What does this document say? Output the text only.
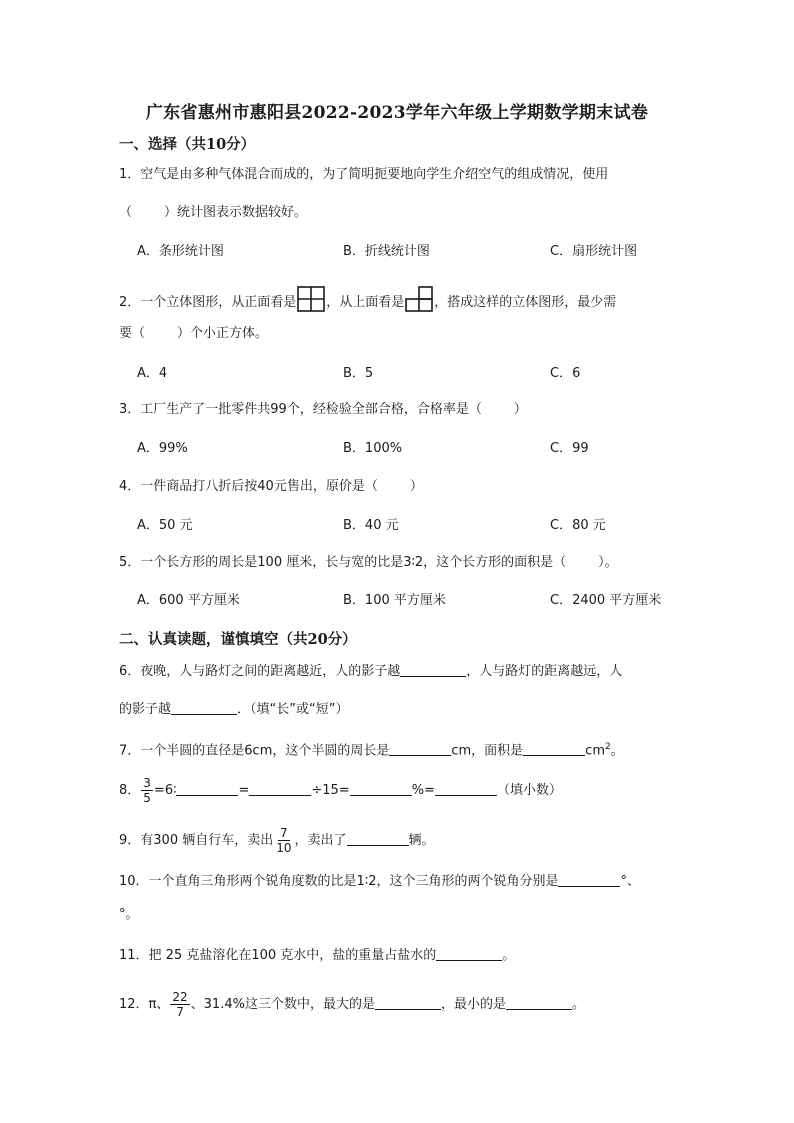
广东省惠州市惠阳县2022-2023学年六年级上学期数学期末试卷
一、选择（共10分）
1．空气是由多种气体混合而成的，为了简明扼要地向学生介绍空气的组成情况，使用
（ ）统计图表示数据较好。
A．条形统计图	B．折线统计图	C．扇形统计图
2．一个立体图形，从正面看是 ，从上面看是 ，搭成这样的立体图形，最少需
要（ ）个小正方体。
A．4	B．5	C．6
3．工厂生产了一批零件共99个，经检验全部合格，合格率是（ ）
A．99%	B．100%	C．99
4．一件商品打八折后按40元售出，原价是（ ）
A．50 元	B．40 元	C．80 元
5．一个长方形的周长是100 厘米，长与宽的比是3∶2，这个长方形的面积是（ ）。
A．600 平方厘米	B．100 平方厘米	C．2400 平方厘米
二、认真读题，谨慎填空（共20分）
6．夜晚，人与路灯之间的距离越近，人的影子越	，人与路灯的距离越远，人
的影子越	．（填“长”或“短”）
7．一个半圆的直径是6cm，这个半圆的周长是	cm，面积是	$cm^2$。
8． $\frac{3}{5}$ =6∶	=	÷15=	%=	（填小数）
9．有300 辆自行车，卖出 $\frac{7}{10}$ ，卖出了	辆。
10．一个直角三角形两个锐角度数的比是1∶2，这个三角形的两个锐角分别是	°、
°。
11．把 25 克盐溶化在100 克水中，盐的重量占盐水的	。
12．π、 $\frac{22}{7}$ 、31.4%这三个数中，最大的是	，最小的是	。
